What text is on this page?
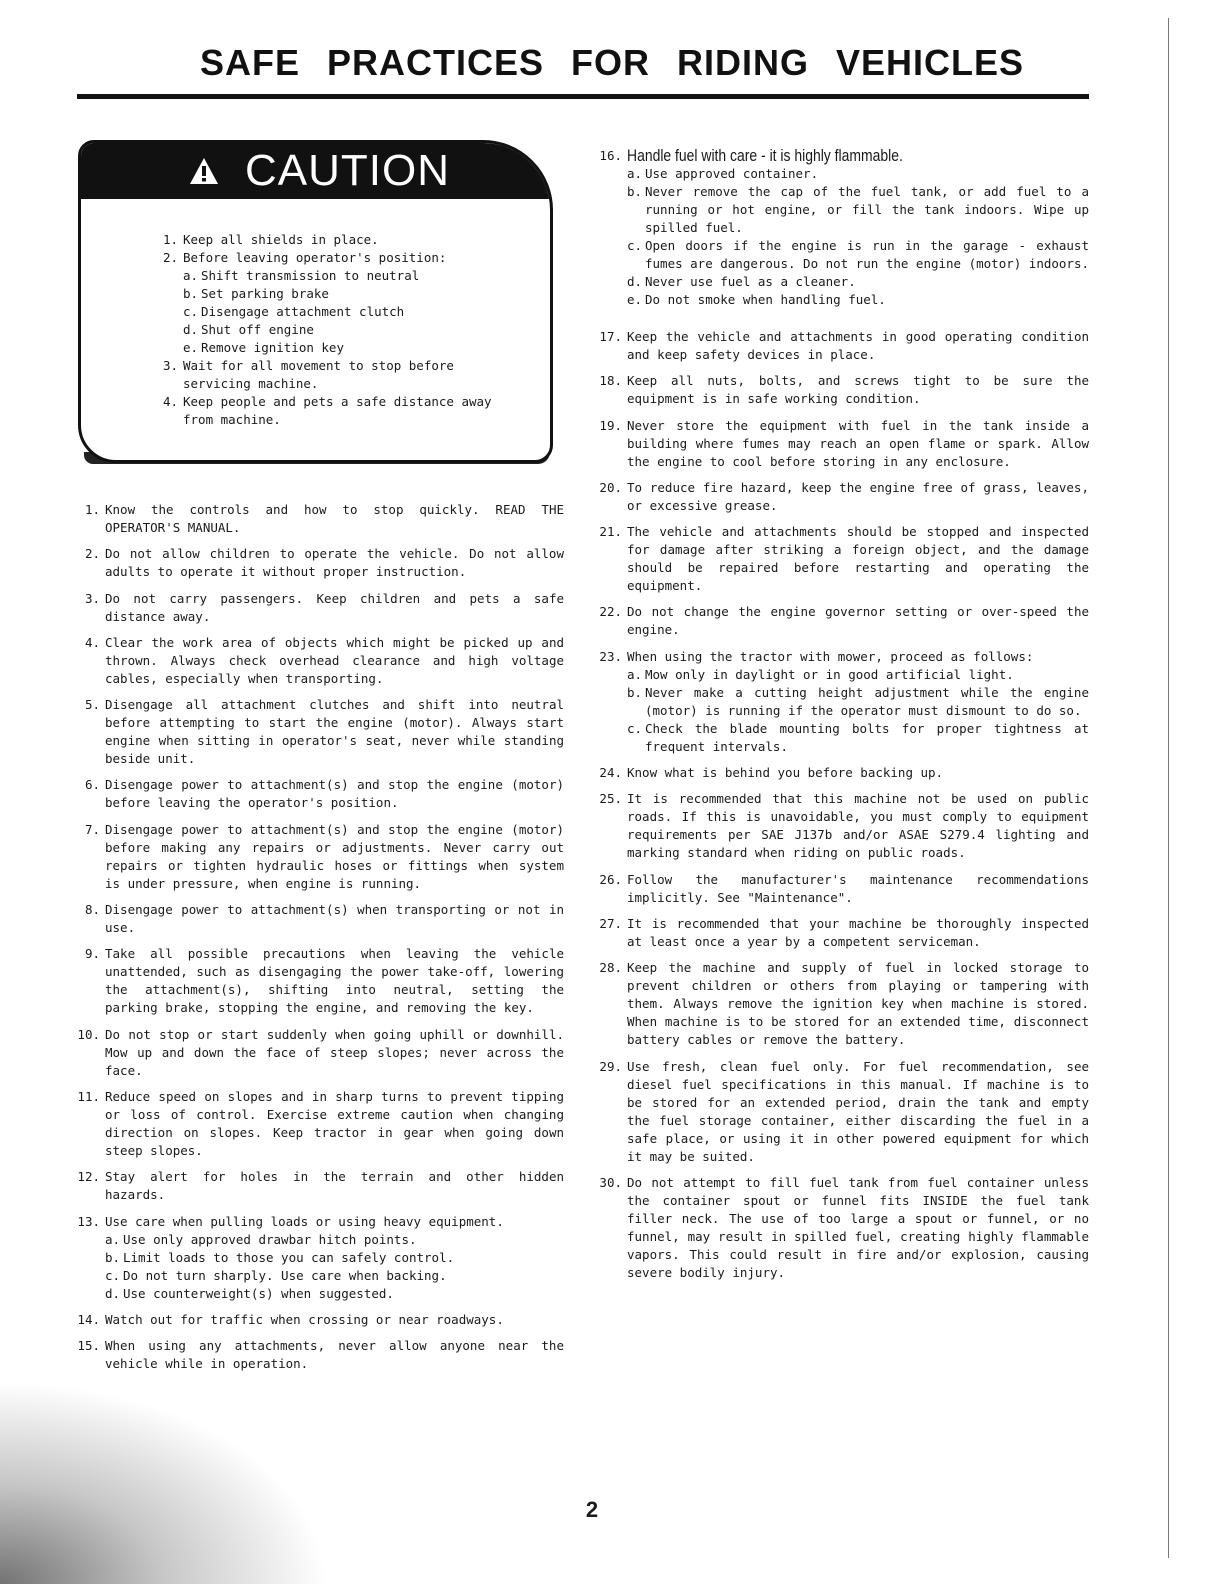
SAFE PRACTICES FOR RIDING VEHICLES
CAUTION
1. Keep all shields in place.
2. Before leaving operator's position:
a. Shift transmission to neutral
b. Set parking brake
c. Disengage attachment clutch
d. Shut off engine
e. Remove ignition key
3. Wait for all movement to stop before servicing machine.
4. Keep people and pets a safe distance away from machine.
16. Handle fuel with care - it is highly flammable.
a. Use approved container.
b. Never remove the cap of the fuel tank, or add fuel to a running or hot engine, or fill the tank indoors. Wipe up spilled fuel.
c. Open doors if the engine is run in the garage - exhaust fumes are dangerous. Do not run the engine (motor) indoors.
d. Never use fuel as a cleaner.
e. Do not smoke when handling fuel.
1. Know the controls and how to stop quickly. READ THE OPERATOR'S MANUAL.
2. Do not allow children to operate the vehicle. Do not allow adults to operate it without proper instruction.
3. Do not carry passengers. Keep children and pets a safe distance away.
4. Clear the work area of objects which might be picked up and thrown. Always check overhead clearance and high voltage cables, especially when transporting.
5. Disengage all attachment clutches and shift into neutral before attempting to start the engine (motor). Always start engine when sitting in operator's seat, never while standing beside unit.
6. Disengage power to attachment(s) and stop the engine (motor) before leaving the operator's position.
7. Disengage power to attachment(s) and stop the engine (motor) before making any repairs or adjustments. Never carry out repairs or tighten hydraulic hoses or fittings when system is under pressure, when engine is running.
8. Disengage power to attachment(s) when transporting or not in use.
9. Take all possible precautions when leaving the vehicle unattended, such as disengaging the power take-off, lowering the attachment(s), shifting into neutral, setting the parking brake, stopping the engine, and removing the key.
10. Do not stop or start suddenly when going uphill or downhill. Mow up and down the face of steep slopes; never across the face.
11. Reduce speed on slopes and in sharp turns to prevent tipping or loss of control. Exercise extreme caution when changing direction on slopes. Keep tractor in gear when going down steep slopes.
12. Stay alert for holes in the terrain and other hidden hazards.
13. Use care when pulling loads or using heavy equipment.
a. Use only approved drawbar hitch points.
b. Limit loads to those you can safely control.
c. Do not turn sharply. Use care when backing.
d. Use counterweight(s) when suggested.
14. Watch out for traffic when crossing or near roadways.
15. When using any attachments, never allow anyone near the vehicle while in operation.
17. Keep the vehicle and attachments in good operating condition and keep safety devices in place.
18. Keep all nuts, bolts, and screws tight to be sure the equipment is in safe working condition.
19. Never store the equipment with fuel in the tank inside a building where fumes may reach an open flame or spark. Allow the engine to cool before storing in any enclosure.
20. To reduce fire hazard, keep the engine free of grass, leaves, or excessive grease.
21. The vehicle and attachments should be stopped and inspected for damage after striking a foreign object, and the damage should be repaired before restarting and operating the equipment.
22. Do not change the engine governor setting or over-speed the engine.
23. When using the tractor with mower, proceed as follows:
a. Mow only in daylight or in good artificial light.
b. Never make a cutting height adjustment while the engine (motor) is running if the operator must dismount to do so.
c. Check the blade mounting bolts for proper tightness at frequent intervals.
24. Know what is behind you before backing up.
25. It is recommended that this machine not be used on public roads. If this is unavoidable, you must comply to equipment requirements per SAE J137b and/or ASAE S279.4 lighting and marking standard when riding on public roads.
26. Follow the manufacturer's maintenance recommendations implicitly. See "Maintenance".
27. It is recommended that your machine be thoroughly inspected at least once a year by a competent serviceman.
28. Keep the machine and supply of fuel in locked storage to prevent children or others from playing or tampering with them. Always remove the ignition key when machine is stored. When machine is to be stored for an extended time, disconnect battery cables or remove the battery.
29. Use fresh, clean fuel only. For fuel recommendation, see diesel fuel specifications in this manual. If machine is to be stored for an extended period, drain the tank and empty the fuel storage container, either discarding the fuel in a safe place, or using it in other powered equipment for which it may be suited.
30. Do not attempt to fill fuel tank from fuel container unless the container spout or funnel fits INSIDE the fuel tank filler neck. The use of too large a spout or funnel, or no funnel, may result in spilled fuel, creating highly flammable vapors. This could result in fire and/or explosion, causing severe bodily injury.
2
